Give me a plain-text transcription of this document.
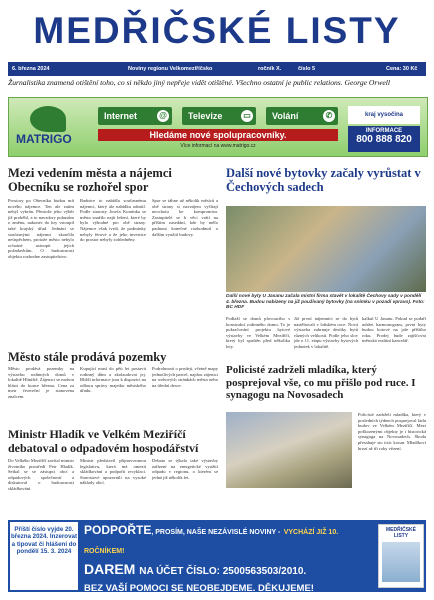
MEDŘIČSKÉ LISTY
6. března 2024	Noviny regionu Velkomeziříčsko	ročník X.	číslo 5	Cena: 30 Kč
Žurnalistika znamená otištění toho, co si někdo jiný nepřeje vidět otištěné. Všechno ostatní je public relations. George Orwell
MATRIGO
Internet	@	Televize	▭	Volání	✆
Hledáme nové spolupracovníky.
Více informací na www.matrigo.cz
kraj vysočina
INFORMACE
800 888 820
Mezi vedením města a nájemci Obecníku se rozhořel spor
Prostory po Obecníku budou mít nového nájemce. Ten ale zatím nebyl vybrán. Přestože jeho výběr již proběhl, a to navzdory pokusům o změnu, nakonec do hry vstoupil také krajský úřad. Jednání se současnými nájemci skončila neúspěchem, protože město nebylo ochotné ustoupit jejich požadavkům. O budoucnosti objektu rozhodne zastupitelstvo.
Radnice to nabídla současnému nájemci, který ale nabídku odmítl. Podle starosty Josefa Komínka se město snažilo najít řešení, které by bylo výhodné pro obě strany. Nájemce však tvrdí, že podmínky nebyly férové a že jeho investice do prostor nebyly zohledněny.
Spor se táhne už několik měsíců a obě strany si navzájem vyčítají neochotu ke kompromisu. Zastupitelé se k věci vrátí na příštím zasedání, kde by mělo padnout konečné rozhodnutí o dalším využití budovy.
Další nové bytovky začaly vyrůstat v Čechových sadech
Další nové byty U Jasanu začala místní firma stavět v lokalitě Čechovy sady v pondělí 4. března. Budou nabízeny na již používaný bytovky (na snímku v pozadí vpravo). Foto: BC HDF
Podlaží se domů plovoucího s konstrukcí rodinného domu. To je pokračování projektu bytové výstavby ve Velkém Meziříčí, který byl spuštěn před několika lety.
Již první nájemníci se do bytů nastěhovali v loňském roce. Nová výstavba zahrnuje desítky bytů různých velikostí. Podle jeho slov jde o 11. etapu výstavby bytových jednotek v lokalitě.
kalkul U Jasanu. Pokud se podaří udržet harmonogram, první byty budou hotové na jaře příštího roku. Prodej bude zajišťovat městská realitní kancelář.
Město stále prodává pozemky
Město prodává pozemky na výstavbu rodinných domů v lokalitě Hliniště. Zájemci se mohou hlásit do konce března. Cena za metr čtvereční je stanovena znalcem.
Kupující musí do pěti let postavit rodinný dům a zkolaudovat jej. Bližší informace jsou k dispozici na odboru správy majetku městského úřadu.
Podrobnosti o prodeji, včetně mapy jednotlivých parcel, najdou zájemci na webových stránkách města nebo na úřední desce.
Policisté zadrželi mladíka, který posprejoval vše, co mu přišlo pod ruce. I synagogu na Novosadech
Policisté zadrželi mladíka, který v posledních týdnech posprejoval řadu budov ve Velkém Meziříčí. Mezi poškozenými objekty je i historická synagoga na Novosadech. Škoda přesahuje sto tisíc korun. Mladíkovi hrozí až tři roky vězení.
Ministr Hladík ve Velkém Meziříčí debatoval o odpadovém hospodářství
Do Velkého Meziříčí zavítal ministr životního prostředí Petr Hladík. Setkal se se zástupci obcí a odpadových společností a diskutoval o budoucnosti skládkování.
Ministr představil připravovanou legislativu, která má omezit skládkování a podpořit recyklaci. Starostové upozornili na vysoké náklady obcí.
Debata se týkala také výstavby zařízení na energetické využití odpadu v regionu, o kterém se jedná již několik let.
Příští číslo vyjde 20. března 2024. Inzerovat a tipovat či hlášení do pondělí 15. 3. 2024
PODPOŘTE, PROSÍM, NAŠE NEZÁVISLÉ NOVINY - VYCHÁZÍ JIŽ 10. ROČNÍKEM!
DAREM NA ÚČET ČÍSLO: 2500563503/2010.
BEZ VAŠÍ POMOCI SE NEOBEJDEME. DĚKUJEME!
MEDŘIČSKÉ LISTY
